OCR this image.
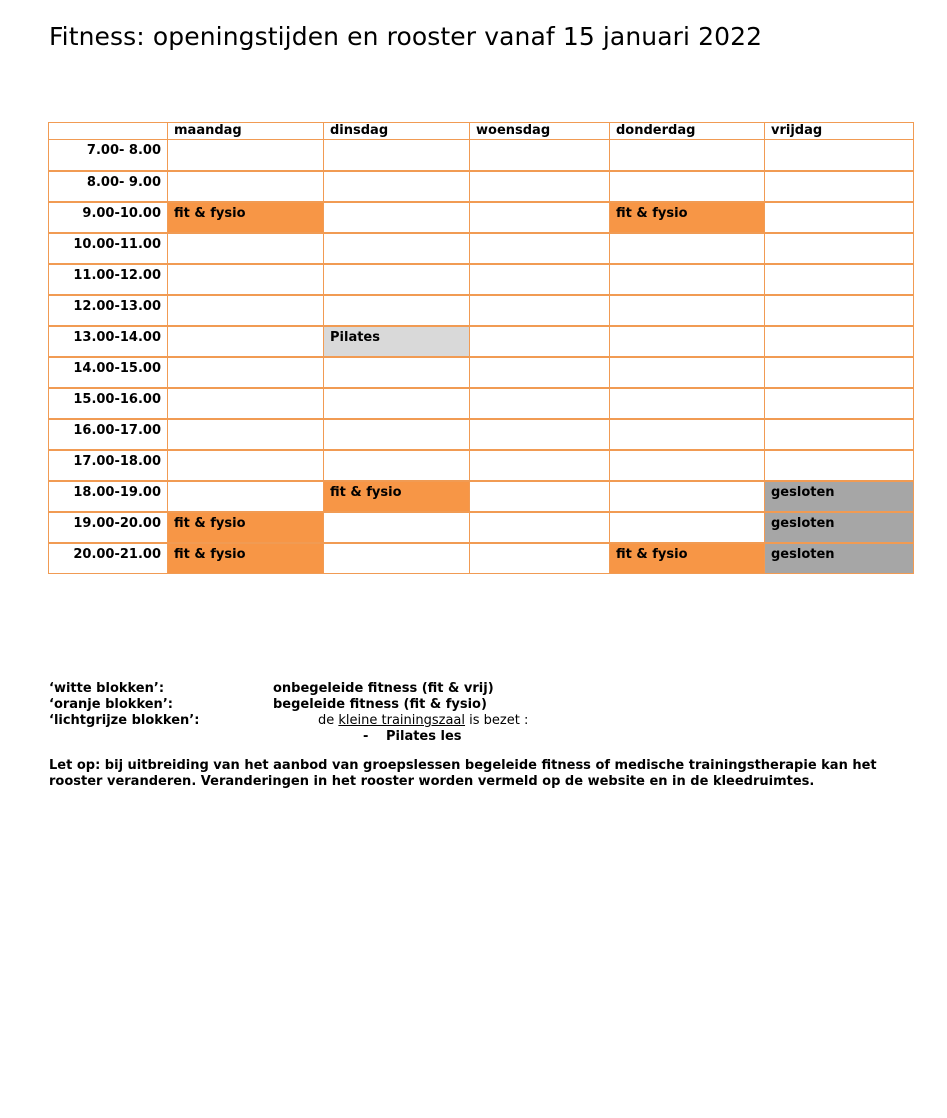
Fitness: openingstijden en rooster vanaf 15 januari 2022
	maandag	dinsdag	woensdag	donderdag	vrijdag
7.00- 8.00					
8.00- 9.00					
9.00-10.00	fit & fysio			fit & fysio	
10.00-11.00					
11.00-12.00					
12.00-13.00					
13.00-14.00		Pilates			
14.00-15.00					
15.00-16.00					
16.00-17.00					
17.00-18.00					
18.00-19.00		fit & fysio			gesloten
19.00-20.00	fit & fysio				gesloten
20.00-21.00	fit & fysio			fit & fysio	gesloten
‘witte blokken’:	onbegeleide fitness (fit & vrij)
‘oranje blokken’:	begeleide fitness (fit & fysio)
‘lichtgrijze blokken’:	de kleine trainingszaal is bezet :
- Pilates les

Let op: bij uitbreiding van het aanbod van groepslessen begeleide fitness of medische trainingstherapie kan het rooster veranderen. Veranderingen in het rooster worden vermeld op de website en in de kleedruimtes.
